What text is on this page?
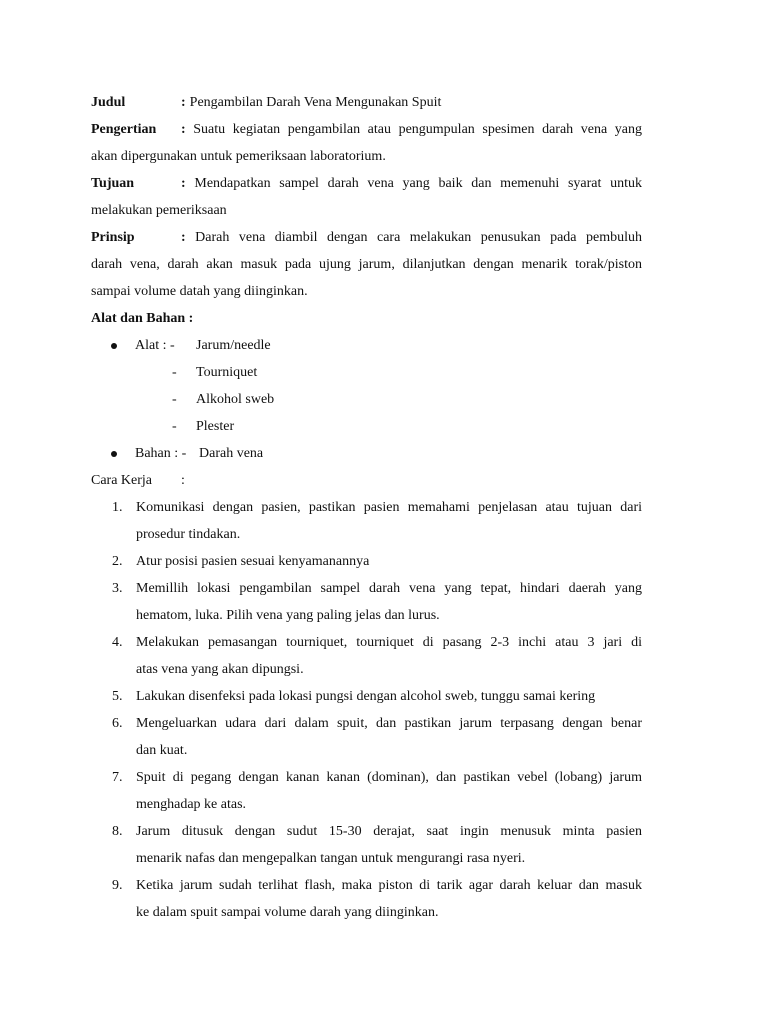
Judul	: Pengambilan Darah Vena Mengunakan Spuit
Pengertian : Suatu kegiatan pengambilan atau pengumpulan spesimen darah vena yang
akan dipergunakan untuk pemeriksaan laboratorium.
Tujuan	: Mendapatkan sampel darah vena yang baik dan memenuhi syarat untuk
melakukan pemeriksaan
Prinsip	: Darah vena diambil dengan cara melakukan penusukan pada pembuluh
darah vena, darah akan masuk pada ujung jarum, dilanjutkan dengan menarik torak/piston
sampai volume datah yang diinginkan.
Alat dan Bahan :
Alat : - Jarum/needle
- Tourniquet
- Alkohol sweb
- Plester
Bahan : - Darah vena
Cara Kerja :
1. Komunikasi dengan pasien, pastikan pasien memahami penjelasan atau tujuan dari
prosedur tindakan.
2. Atur posisi pasien sesuai kenyamanannya
3. Memillih lokasi pengambilan sampel darah vena yang tepat, hindari daerah yang
hematom, luka. Pilih vena yang paling jelas dan lurus.
4. Melakukan pemasangan tourniquet, tourniquet di pasang 2-3 inchi atau 3 jari di
atas vena yang akan dipungsi.
5. Lakukan disenfeksi pada lokasi pungsi dengan alcohol sweb, tunggu samai kering
6. Mengeluarkan udara dari dalam spuit, dan pastikan jarum terpasang dengan benar
dan kuat.
7. Spuit di pegang dengan kanan kanan (dominan), dan pastikan vebel (lobang) jarum
menghadap ke atas.
8. Jarum ditusuk dengan sudut 15-30 derajat, saat ingin menusuk minta pasien
menarik nafas dan mengepalkan tangan untuk mengurangi rasa nyeri.
9. Ketika jarum sudah terlihat flash, maka piston di tarik agar darah keluar dan masuk
ke dalam spuit sampai volume darah yang diinginkan.
